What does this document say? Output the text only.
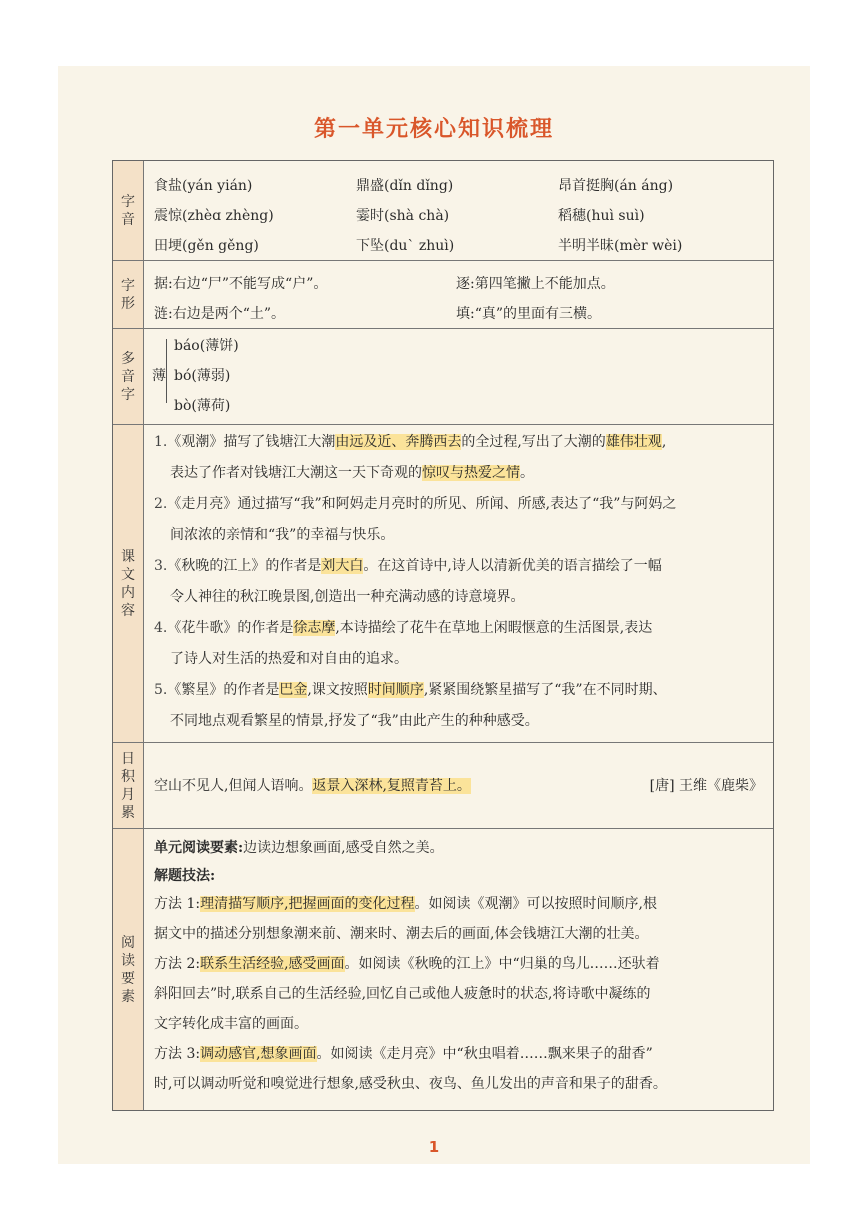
第一单元核心知识梳理
字音
食盐(yán yián)	鼎盛(dǐn dǐng)	昂首挺胸(án áng)
震惊(zhèɑ zhèng)	霎时(shà chà)	稻穗(huì suì)
田埂(gěn gěng)	下坠(duˋ zhuì)	半明半昧(mèr wèi)
字形
据:右边“尸”不能写成“户”。	逐:第四笔撇上不能加点。
涟:右边是两个“土”。	填:“真”的里面有三横。
多音字
薄
báo(薄饼)
bó(薄弱)
bò(薄荷)
课文内容
1.《观潮》描写了钱塘江大潮由远及近、奔腾西去的全过程,写出了大潮的雄伟壮观,
表达了作者对钱塘江大潮这一天下奇观的惊叹与热爱之情。
2.《走月亮》通过描写“我”和阿妈走月亮时的所见、所闻、所感,表达了“我”与阿妈之
间浓浓的亲情和“我”的幸福与快乐。
3.《秋晚的江上》的作者是刘大白。在这首诗中,诗人以清新优美的语言描绘了一幅
令人神往的秋江晚景图,创造出一种充满动感的诗意境界。
4.《花牛歌》的作者是徐志摩,本诗描绘了花牛在草地上闲暇惬意的生活图景,表达
了诗人对生活的热爱和对自由的追求。
5.《繁星》的作者是巴金,课文按照时间顺序,紧紧围绕繁星描写了“我”在不同时期、
不同地点观看繁星的情景,抒发了“我”由此产生的种种感受。
日积月累
空山不见人,但闻人语响。返景入深林,复照青苔上。	[唐] 王维《鹿柴》
阅读要素
单元阅读要素:边读边想象画面,感受自然之美。
解题技法:
方法 1:理清描写顺序,把握画面的变化过程。如阅读《观潮》可以按照时间顺序,根
据文中的描述分别想象潮来前、潮来时、潮去后的画面,体会钱塘江大潮的壮美。
方法 2:联系生活经验,感受画面。如阅读《秋晚的江上》中“归巢的鸟儿……还驮着
斜阳回去”时,联系自己的生活经验,回忆自己或他人疲惫时的状态,将诗歌中凝练的
文字转化成丰富的画面。
方法 3:调动感官,想象画面。如阅读《走月亮》中“秋虫唱着……飘来果子的甜香”
时,可以调动听觉和嗅觉进行想象,感受秋虫、夜鸟、鱼儿发出的声音和果子的甜香。
1
